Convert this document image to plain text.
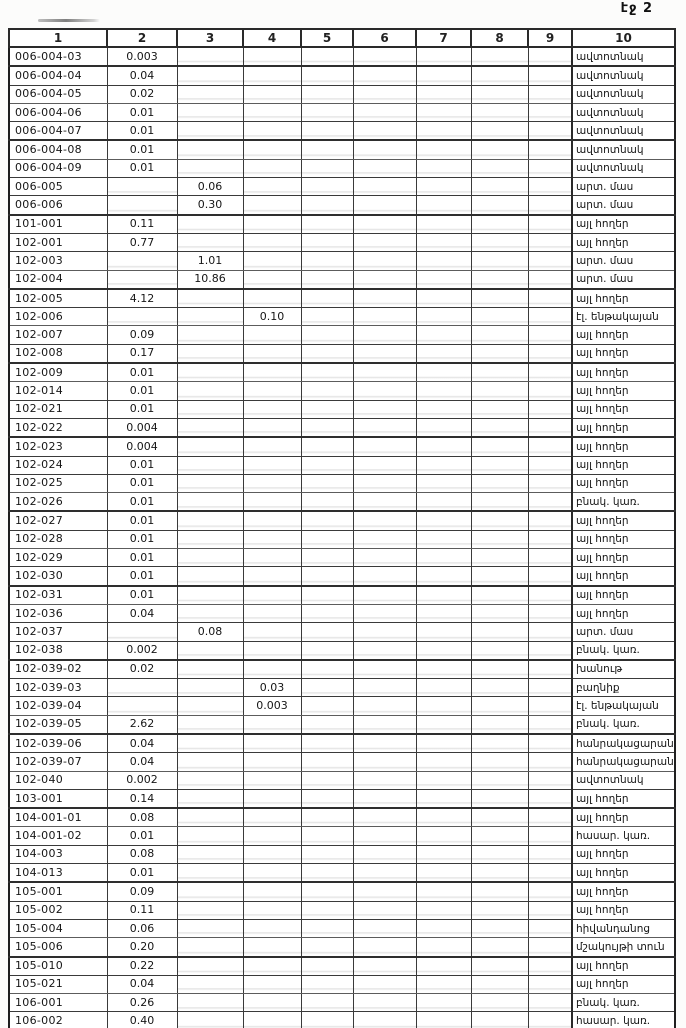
էջ 2
1	2	3	4	5	6	7	8	9	10
006-004-03	0.003								ավտոտնակ
006-004-04	0.04								ավտոտնակ
006-004-05	0.02								ավտոտնակ
006-004-06	0.01								ավտոտնակ
006-004-07	0.01								ավտոտնակ
006-004-08	0.01								ավտոտնակ
006-004-09	0.01								ավտոտնակ
006-005		0.06							արտ. մաս
006-006		0.30							արտ. մաս
101-001	0.11								այլ հողեր
102-001	0.77								այլ հողեր
102-003		1.01							արտ. մաս
102-004		10.86							արտ. մաս
102-005	4.12								այլ հողեր
102-006			0.10						էլ. ենթակայան
102-007	0.09								այլ հողեր
102-008	0.17								այլ հողեր
102-009	0.01								այլ հողեր
102-014	0.01								այլ հողեր
102-021	0.01								այլ հողեր
102-022	0.004								այլ հողեր
102-023	0.004								այլ հողեր
102-024	0.01								այլ հողեր
102-025	0.01								այլ հողեր
102-026	0.01								բնակ. կառ.
102-027	0.01								այլ հողեր
102-028	0.01								այլ հողեր
102-029	0.01								այլ հողեր
102-030	0.01								այլ հողեր
102-031	0.01								այլ հողեր
102-036	0.04								այլ հողեր
102-037		0.08							արտ. մաս
102-038	0.002								բնակ. կառ.
102-039-02	0.02								խանութ
102-039-03			0.03						բաղնիք
102-039-04			0.003						էլ. ենթակայան
102-039-05	2.62								բնակ. կառ.
102-039-06	0.04								հանրակացարան
102-039-07	0.04								հանրակացարան
102-040	0.002								ավտոտնակ
103-001	0.14								այլ հողեր
104-001-01	0.08								այլ հողեր
104-001-02	0.01								հասար. կառ.
104-003	0.08								այլ հողեր
104-013	0.01								այլ հողեր
105-001	0.09								այլ հողեր
105-002	0.11								այլ հողեր
105-004	0.06								հիվանդանոց
105-006	0.20								մշակույթի տուն
105-010	0.22								այլ հողեր
105-021	0.04								այլ հողեր
106-001	0.26								բնակ. կառ.
106-002	0.40								հասար. կառ.
